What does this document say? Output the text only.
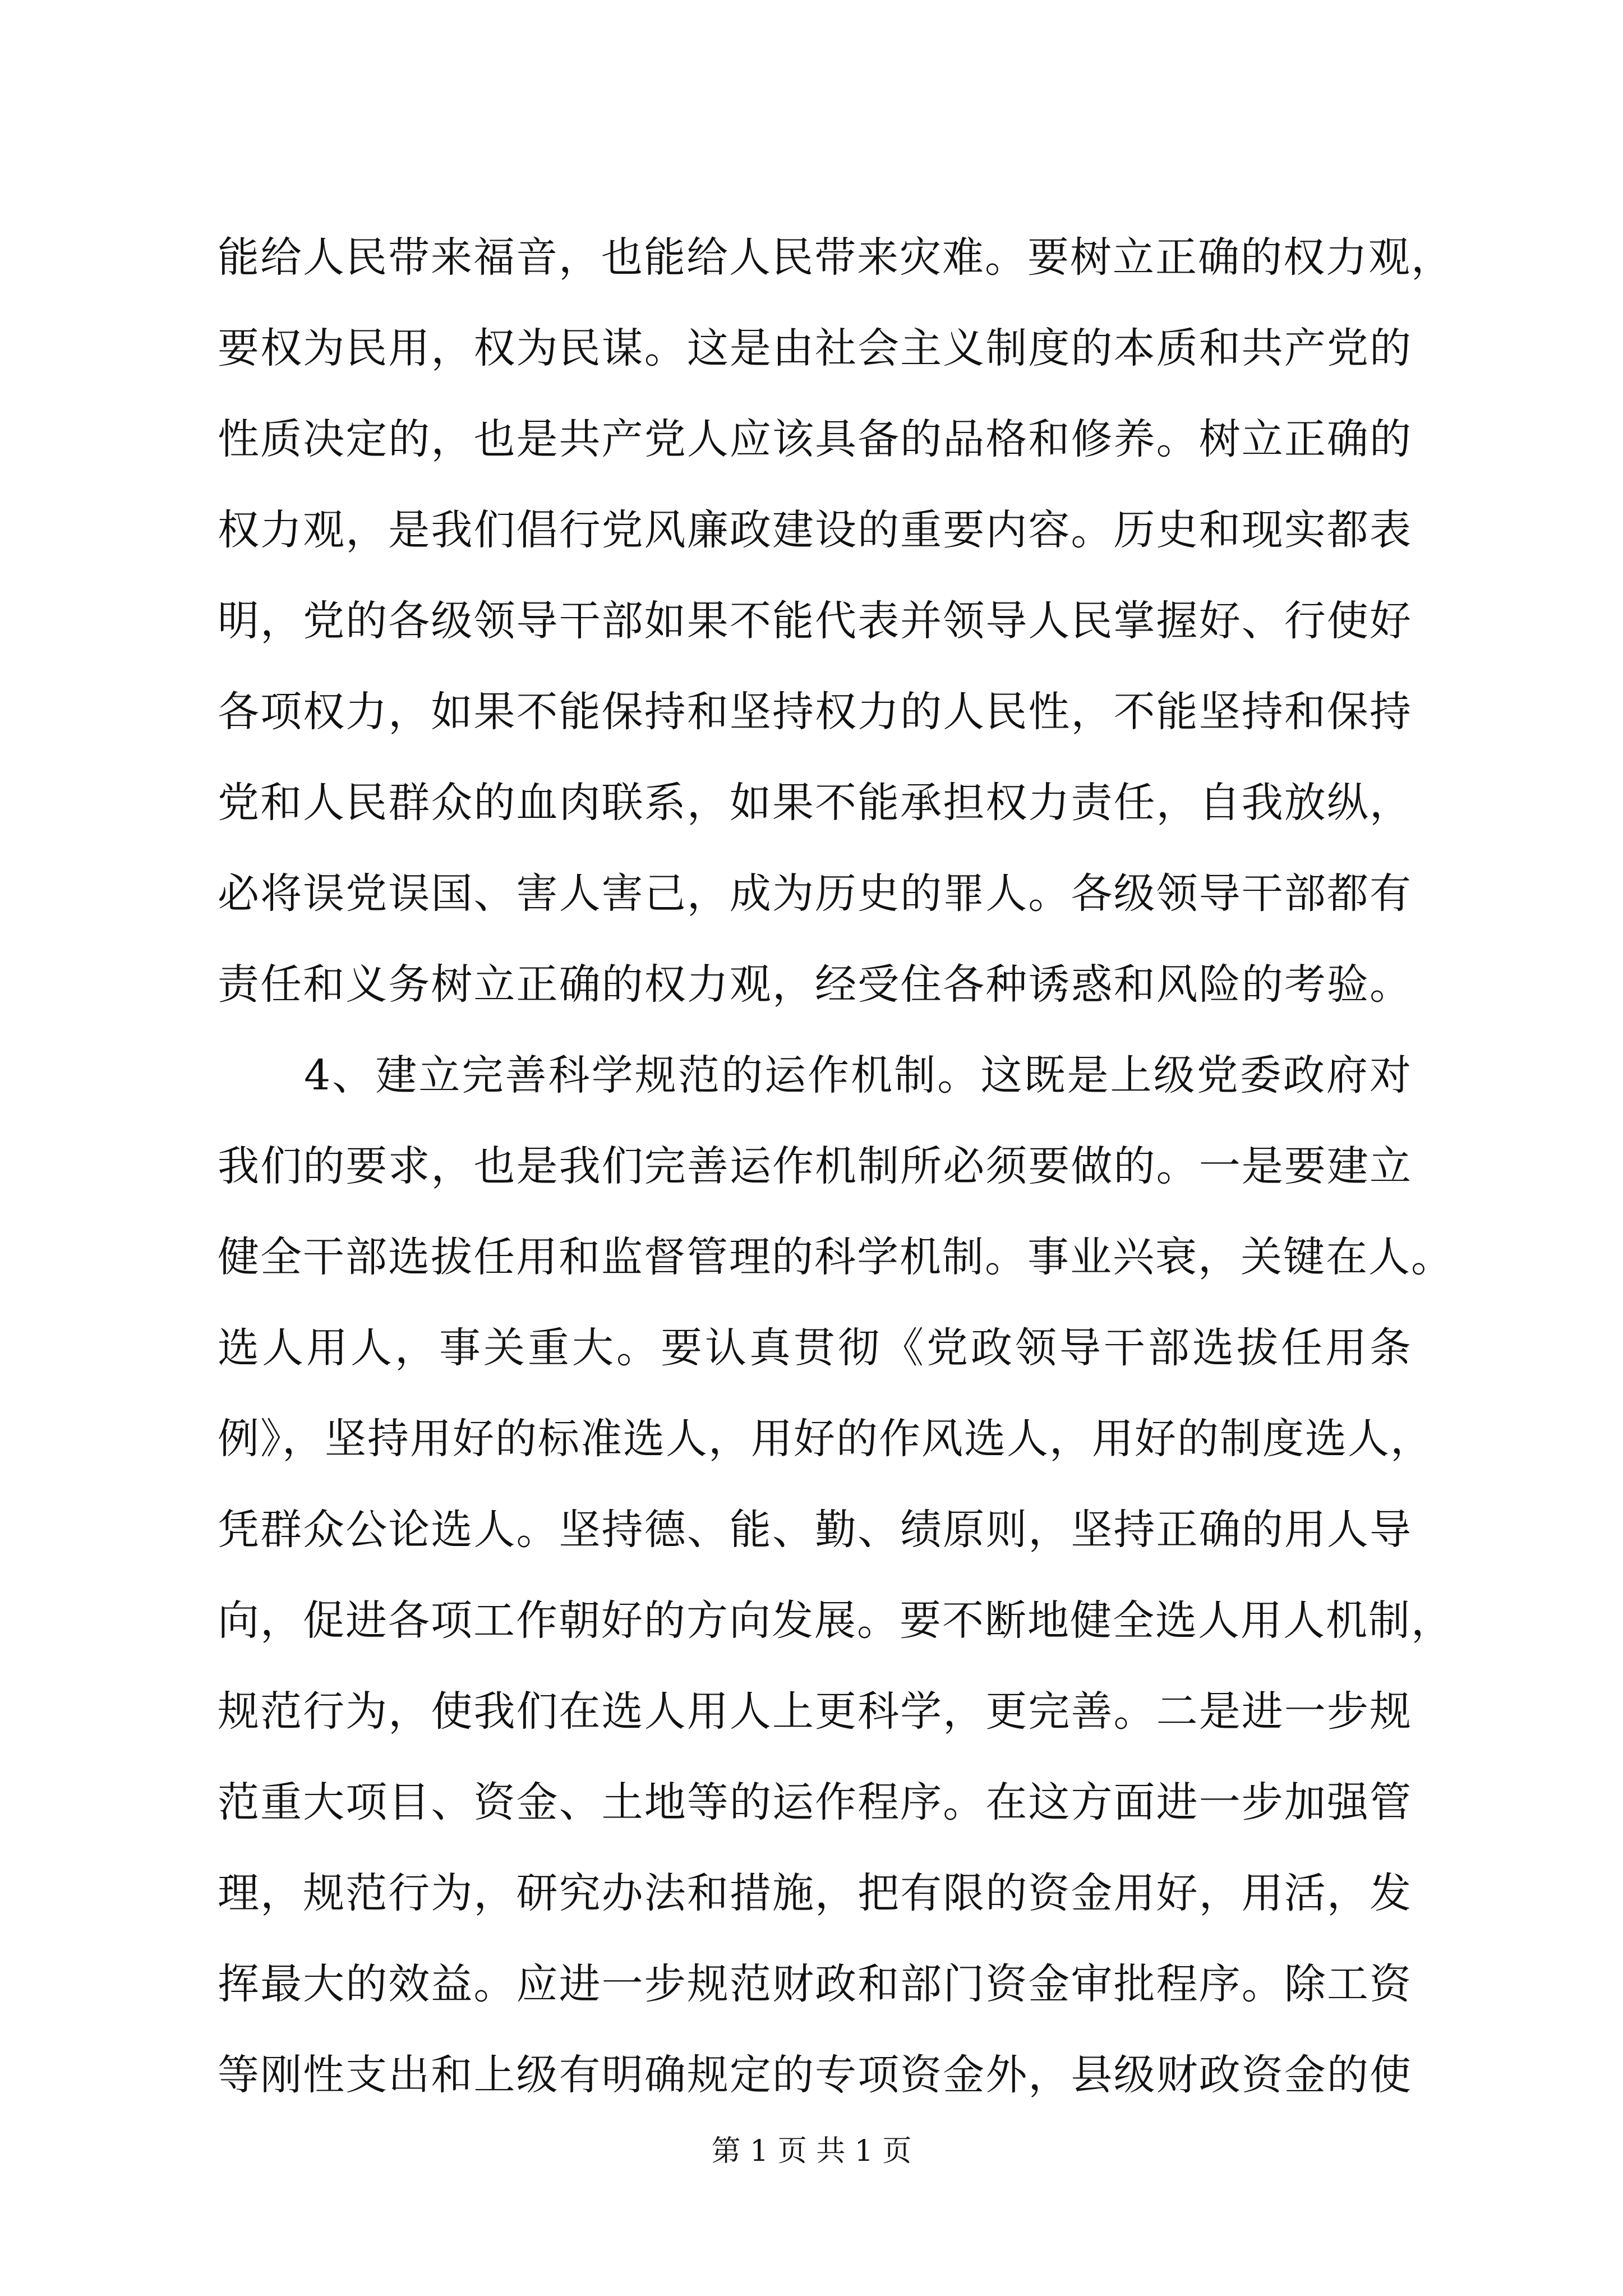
能给人民带来福音，也能给人民带来灾难。要树立正确的权力观，
要权为民用，权为民谋。这是由社会主义制度的本质和共产党的
性质决定的，也是共产党人应该具备的品格和修养。树立正确的
权力观，是我们倡行党风廉政建设的重要内容。历史和现实都表
明，党的各级领导干部如果不能代表并领导人民掌握好、行使好
各项权力，如果不能保持和坚持权力的人民性，不能坚持和保持
党和人民群众的血肉联系，如果不能承担权力责任，自我放纵，
必将误党误国、害人害己，成为历史的罪人。各级领导干部都有
责任和义务树立正确的权力观，经受住各种诱惑和风险的考验。
　　4、建立完善科学规范的运作机制。这既是上级党委政府对
我们的要求，也是我们完善运作机制所必须要做的。一是要建立
健全干部选拔任用和监督管理的科学机制。事业兴衰，关键在人。
选人用人，事关重大。要认真贯彻《党政领导干部选拔任用条
例》，坚持用好的标准选人，用好的作风选人，用好的制度选人，
凭群众公论选人。坚持德、能、勤、绩原则，坚持正确的用人导
向，促进各项工作朝好的方向发展。要不断地健全选人用人机制，
规范行为，使我们在选人用人上更科学，更完善。二是进一步规
范重大项目、资金、土地等的运作程序。在这方面进一步加强管
理，规范行为，研究办法和措施，把有限的资金用好，用活，发
挥最大的效益。应进一步规范财政和部门资金审批程序。除工资
等刚性支出和上级有明确规定的专项资金外，县级财政资金的使
第 1 页 共 1 页
